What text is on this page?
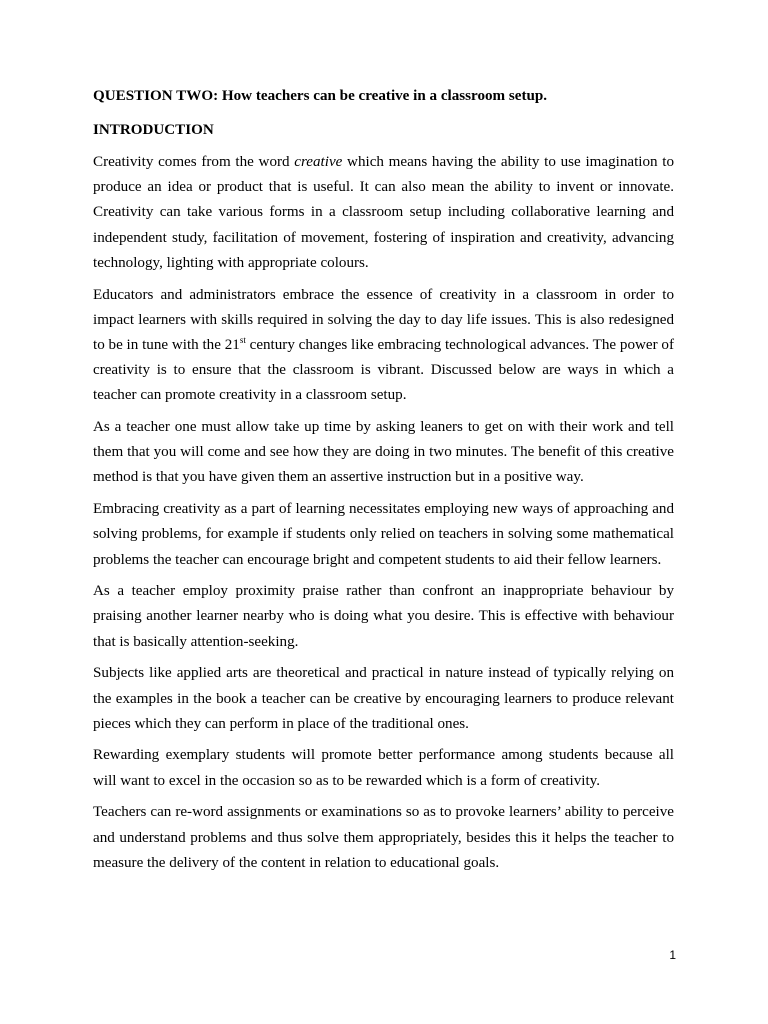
QUESTION TWO: How teachers can be creative in a classroom setup.

INTRODUCTION

Creativity comes from the word creative which means having the ability to use imagination to produce an idea or product that is useful. It can also mean the ability to invent or innovate. Creativity can take various forms in a classroom setup including collaborative learning and independent study, facilitation of movement, fostering of inspiration and creativity, advancing technology, lighting with appropriate colours.

Educators and administrators embrace the essence of creativity in a classroom in order to impact learners with skills required in solving the day to day life issues. This is also redesigned to be in tune with the 21st century changes like embracing technological advances. The power of creativity is to ensure that the classroom is vibrant. Discussed below are ways in which a teacher can promote creativity in a classroom setup.

As a teacher one must allow take up time by asking leaners to get on with their work and tell them that you will come and see how they are doing in two minutes. The benefit of this creative method is that you have given them an assertive instruction but in a positive way.

Embracing creativity as a part of learning necessitates employing new ways of approaching and solving problems, for example if students only relied on teachers in solving some mathematical problems the teacher can encourage bright and competent students to aid their fellow learners.

As a teacher employ proximity praise rather than confront an inappropriate behaviour by praising another learner nearby who is doing what you desire. This is effective with behaviour that is basically attention-seeking.

Subjects like applied arts are theoretical and practical in nature instead of typically relying on the examples in the book a teacher can be creative by encouraging learners to produce relevant pieces which they can perform in place of the traditional ones.

Rewarding exemplary students will promote better performance among students because all will want to excel in the occasion so as to be rewarded which is a form of creativity.

Teachers can re-word assignments or examinations so as to provoke learners’ ability to perceive and understand problems and thus solve them appropriately, besides this it helps the teacher to measure the delivery of the content in relation to educational goals.

1
